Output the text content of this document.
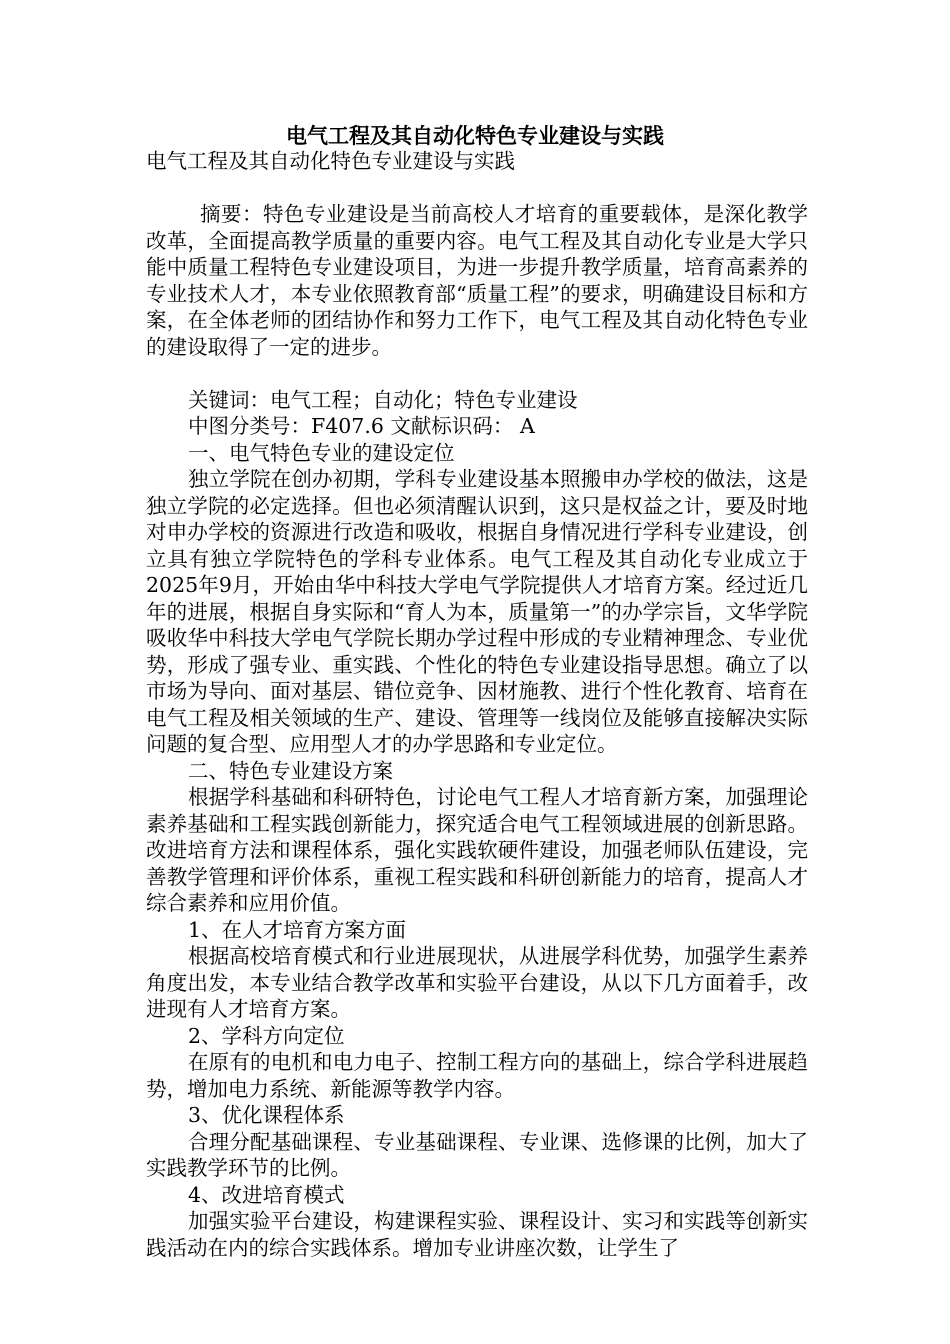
电气工程及其自动化特色专业建设与实践

电气工程及其自动化特色专业建设与实践

摘要：特色专业建设是当前高校人才培育的重要载体，是深化教学改革，全面提高教学质量的重要内容。电气工程及其自动化专业是大学只能中质量工程特色专业建设项目，为进一步提升教学质量，培育高素养的专业技术人才，本专业依照教育部“质量工程”的要求，明确建设目标和方案，在全体老师的团结协作和努力工作下，电气工程及其自动化特色专业的建设取得了一定的进步。

关键词：电气工程；自动化；特色专业建设

中图分类号：F407.6 文献标识码： A

一、电气特色专业的建设定位

独立学院在创办初期，学科专业建设基本照搬申办学校的做法，这是独立学院的必定选择。但也必须清醒认识到，这只是权益之计，要及时地对申办学校的资源进行改造和吸收，根据自身情况进行学科专业建设，创立具有独立学院特色的学科专业体系。电气工程及其自动化专业成立于2025年9月，开始由华中科技大学电气学院提供人才培育方案。经过近几年的进展，根据自身实际和“育人为本，质量第一”的办学宗旨，文华学院吸收华中科技大学电气学院长期办学过程中形成的专业精神理念、专业优势，形成了强专业、重实践、个性化的特色专业建设指导思想。确立了以市场为导向、面对基层、错位竞争、因材施教、进行个性化教育、培育在电气工程及相关领域的生产、建设、管理等一线岗位及能够直接解决实际问题的复合型、应用型人才的办学思路和专业定位。

二、特色专业建设方案

根据学科基础和科研特色，讨论电气工程人才培育新方案，加强理论素养基础和工程实践创新能力，探究适合电气工程领域进展的创新思路。改进培育方法和课程体系，强化实践软硬件建设，加强老师队伍建设，完善教学管理和评价体系，重视工程实践和科研创新能力的培育，提高人才综合素养和应用价值。

1、在人才培育方案方面

根据高校培育模式和行业进展现状，从进展学科优势，加强学生素养角度出发，本专业结合教学改革和实验平台建设，从以下几方面着手，改进现有人才培育方案。

2、学科方向定位

在原有的电机和电力电子、控制工程方向的基础上，综合学科进展趋势，增加电力系统、新能源等教学内容。

3、优化课程体系

合理分配基础课程、专业基础课程、专业课、选修课的比例，加大了实践教学环节的比例。

4、改进培育模式

加强实验平台建设，构建课程实验、课程设计、实习和实践等创新实践活动在内的综合实践体系。增加专业讲座次数，让学生了
